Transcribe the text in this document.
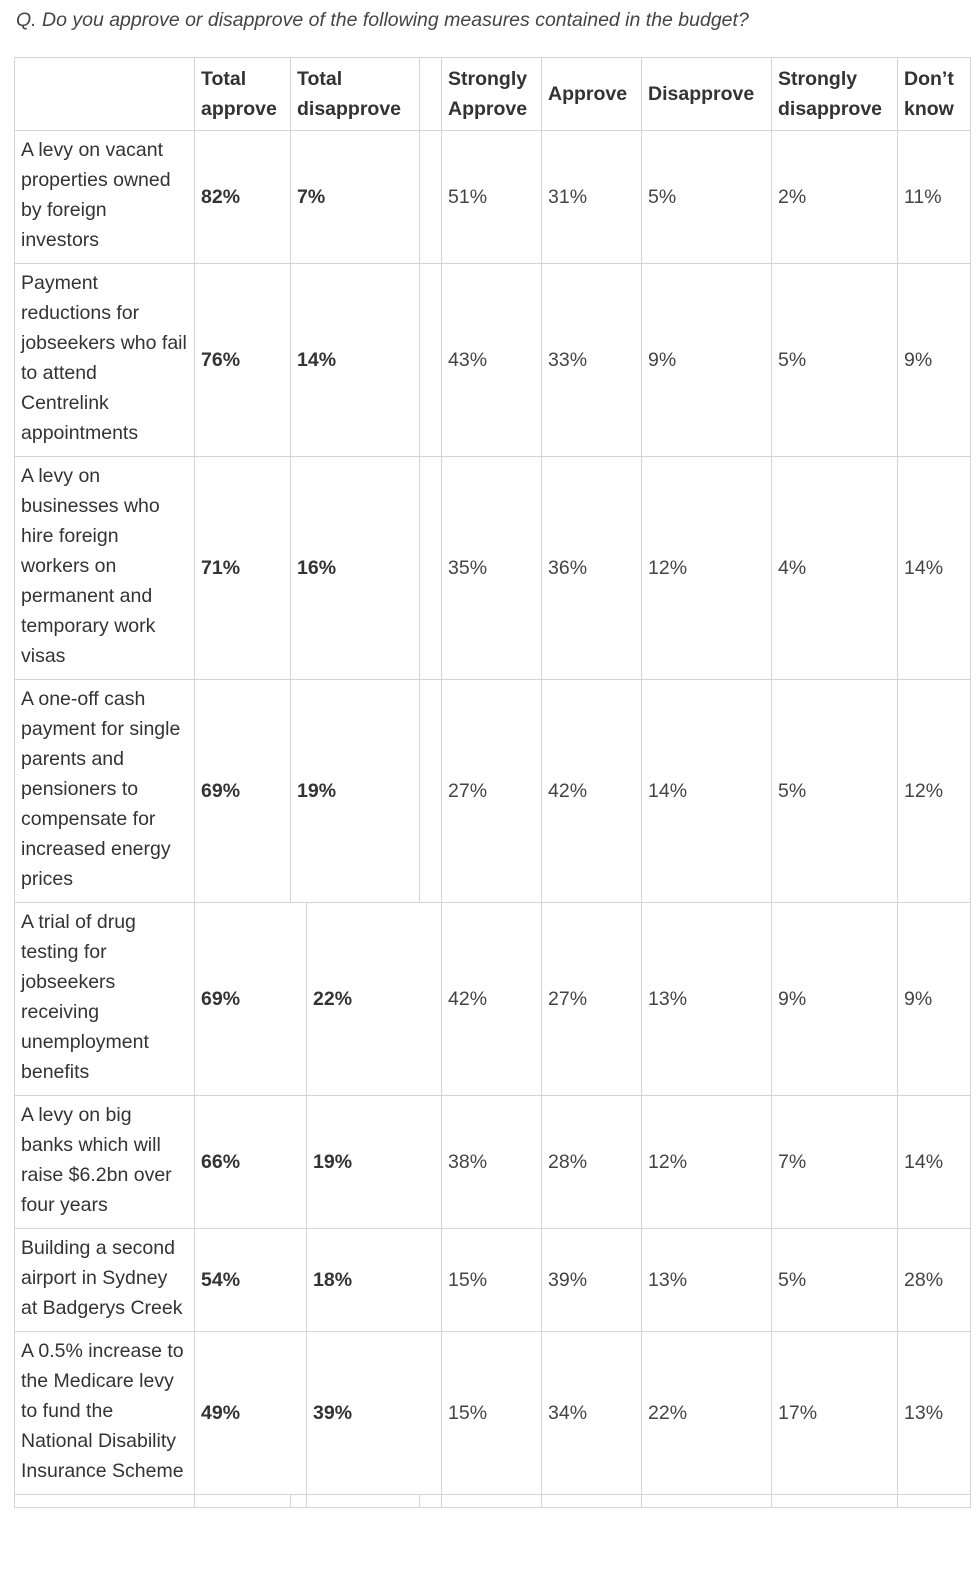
Q. Do you approve or disapprove of the following measures contained in the budget?
	Total approve	Total disapprove			Strongly Approve	Approve	Disapprove	Strongly disapprove	Don’t know
A levy on vacant properties owned by foreign investors	82%	7%			51%	31%	5%	2%	11%
Payment reductions for jobseekers who fail to attend Centrelink appointments	76%	14%			43%	33%	9%	5%	9%
A levy on businesses who hire foreign workers on permanent and temporary work visas	71%	16%			35%	36%	12%	4%	14%
A one-off cash payment for single parents and pensioners to compensate for increased energy prices	69%	19%			27%	42%	14%	5%	12%
A trial of drug testing for jobseekers receiving unemployment benefits	69%		22%		42%	27%	13%	9%	9%
A levy on big banks which will raise $6.2bn over four years	66%		19%		38%	28%	12%	7%	14%
Building a second airport in Sydney at Badgerys Creek	54%		18%		15%	39%	13%	5%	28%
A 0.5% increase to the Medicare levy to fund the National Disability Insurance Scheme	49%		39%		15%	34%	22%	17%	13%
